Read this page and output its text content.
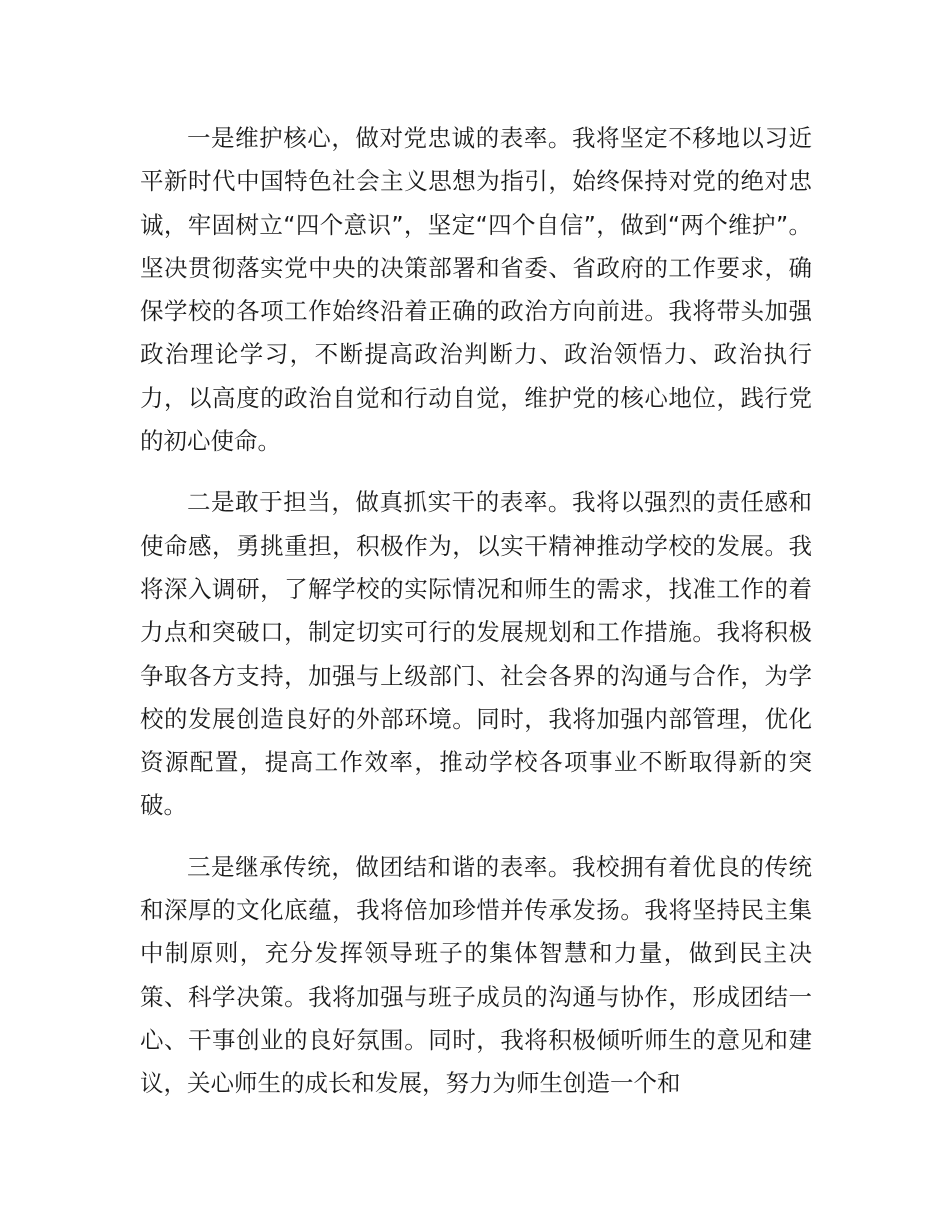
一是维护核心，做对党忠诚的表率。我将坚定不移地以习近平新时代中国特色社会主义思想为指引，始终保持对党的绝对忠诚，牢固树立“四个意识”，坚定“四个自信”，做到“两个维护”。坚决贯彻落实党中央的决策部署和省委、省政府的工作要求，确保学校的各项工作始终沿着正确的政治方向前进。我将带头加强政治理论学习，不断提高政治判断力、政治领悟力、政治执行力，以高度的政治自觉和行动自觉，维护党的核心地位，践行党的初心使命。

二是敢于担当，做真抓实干的表率。我将以强烈的责任感和使命感，勇挑重担，积极作为，以实干精神推动学校的发展。我将深入调研，了解学校的实际情况和师生的需求，找准工作的着力点和突破口，制定切实可行的发展规划和工作措施。我将积极争取各方支持，加强与上级部门、社会各界的沟通与合作，为学校的发展创造良好的外部环境。同时，我将加强内部管理，优化资源配置，提高工作效率，推动学校各项事业不断取得新的突破。

三是继承传统，做团结和谐的表率。我校拥有着优良的传统和深厚的文化底蕴，我将倍加珍惜并传承发扬。我将坚持民主集中制原则，充分发挥领导班子的集体智慧和力量，做到民主决策、科学决策。我将加强与班子成员的沟通与协作，形成团结一心、干事创业的良好氛围。同时，我将积极倾听师生的意见和建议，关心师生的成长和发展，努力为师生创造一个和
